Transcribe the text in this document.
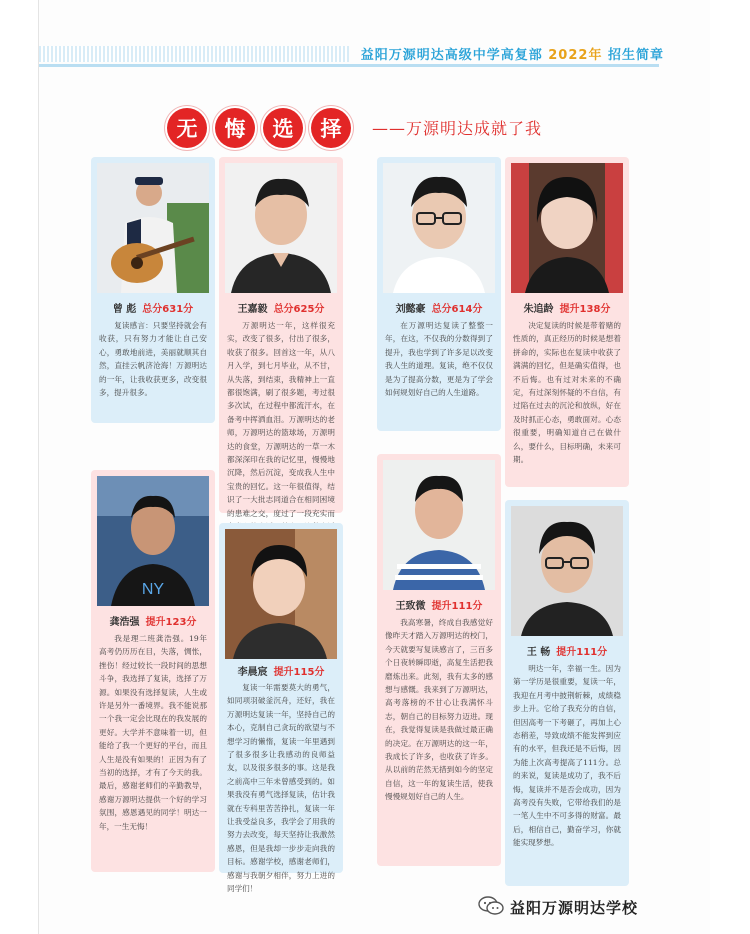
益阳万源明达高级中学高复部 2022年 招生简章
无	悔	选	择	——万源明达成就了我
曾 彪 总分631分
复读感言：只要坚持就会有收获，只有努力才能让自己安心，勇敢地前进，美丽就顺其自然，直挂云帆济沧海！万源明达的一年，让我收获更多，改变很多，提升很多。
王嘉毅 总分625分
万源明达一年，这样很充实，改变了很多，付出了很多，收获了很多。回首这一年，从八月入学，到七月毕业，从不甘，从失落，到结束，我精神上一直都很饱满，刷了很多题，考过很多次试，在过程中都流汗水，在备考中挥洒血泪。万源明达的老师，万源明达的篮球场，万源明达的食堂，万源明达的一草一木都深深印在我的记忆里，慢慢地沉降，然后沉淀，变成我人生中宝贵的回忆。这一年很值得，结识了一大批志同道合在相同困境的患难之交，度过了一段充实而
刘懿豪 总分614分
在万源明达复读了整整一年，在这，不仅我的分数得到了提升，我也学到了许多足以改变我人生的道理。复读，绝不仅仅是为了提高分数，更是为了学会如何规划好自己的人生道路。
朱追龄 提升138分
决定复读的时候是带着赌的性质的，真正经历的时候是想着拼命的，实际也在复读中收获了满满的回忆，但是确实值得，也不后悔。也有过对未来的不确定，有过深刻怀疑的不自信，有过陷在过去的沉沦和放纵，好在及时抓正心态，勇敢面对。心态很重要，明确知道自己在做什么，要什么，目标明确，未来可期。
NY
龚浩强 提升123分
我是理二班龚浩强。19年高考仍历历在目，失落，惆怅，挫伤！经过较长一段时间的思想斗争，我选择了复读，选择了万源。如果没有选择复读，人生或许是另外一番境界。我不能说那一个我一定会比现在的我发展的更好。大学并不意味着一切，但能给了我一个更好的平台，而且人生是没有如果的！正因为有了当初的选择，才有了今天的我。最后，感谢老师们的辛勤教导，感谢万源明达提供一个好的学习氛围，感恩遇见的同学！明达一年，一生无悔！
李晨宸 提升115分
复读一年需要莫大的勇气，如同项羽破釜沉舟，还好，我在万源明达复读一年，坚持自己的本心，克制自己贪玩的欲望与不想学习的懒惰，复读一年里遇到了很多很多让我感动的良师益友，以及很多很多的事。这是我之前高中三年未曾感受到的。如果我没有勇气选择复读，估计我就在专科里苦苦挣扎，复读一年让我受益良多，我学会了用我的努力去改变，每天坚持让我激然感恩，但是我却一步步走向我的目标。感谢学校，感谢老师们，感谢与我朝夕相伴，努力上进的同学们！
王致微 提升111分
我高寒暑，终成自我感觉好像昨天才踏入万源明达的校门，今天就要写复读感言了，三百多个日夜转瞬即逝，高复生活把我磨炼出来。此刻，我有太多的感想与感慨。我来到了万源明达，高考落榜的不甘心让我满怀斗志，朝自己的目标努力迈进。现在，我觉得复读是我做过最正确的决定。在万源明达的这一年，我成长了许多，也收获了许多。从以前的茫然无措到如今的坚定自信，这一年的复读生活，使我慢慢规划好自己的人生。
王 畅 提升111分
明达一年，幸福一生。因为第一学历是很重要，复读一年，我迎在月考中披荆斩棘，成绩稳步上升。它给了我充分的自信，但因高考一下考砸了，再加上心态稍差，导致成绩不能发挥到应有的水平，但我还是不后悔，因为能上次高考提高了111分。总的来说，复读是成功了，我不后悔，复读并不是否会成功，因为高考没有失败，它带给我们的是一笔人生中不可多得的财富。最后，相信自己，勤奋学习，你就能实现梦想。
益阳万源明达学校
